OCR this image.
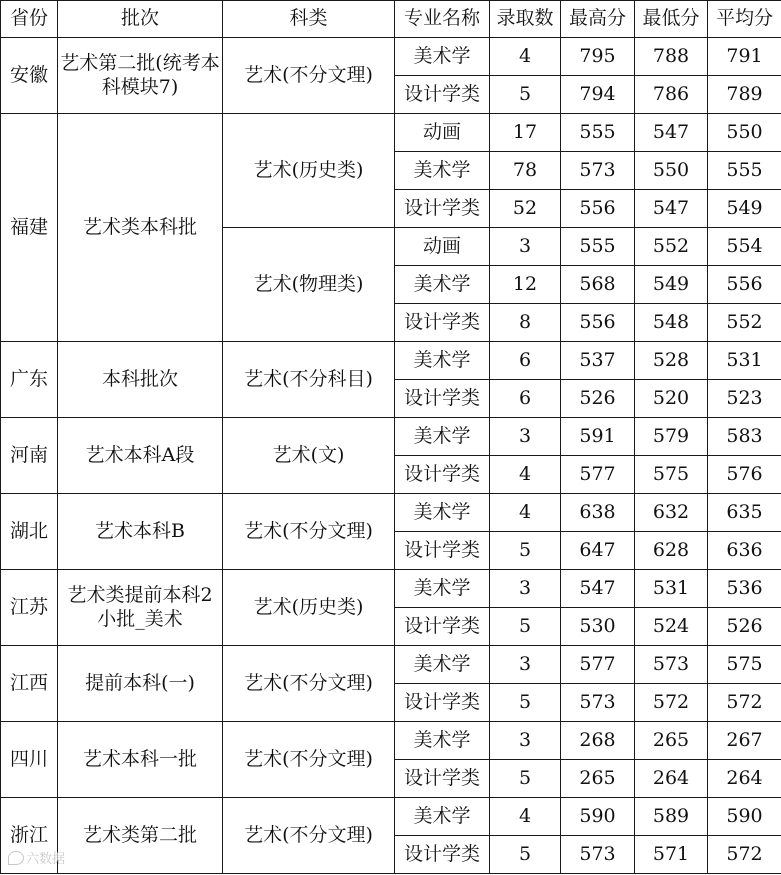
省份	批次	科类	专业名称	录取数	最高分	最低分	平均分
安徽	艺术第二批(统考本科模块7)	艺术(不分文理)	美术学	4	795	788	791
			设计学类	5	794	786	789
福建	艺术类本科批	艺术(历史类)	动画	17	555	547	550
			美术学	78	573	550	555
			设计学类	52	556	547	549
		艺术(物理类)	动画	3	555	552	554
			美术学	12	568	549	556
			设计学类	8	556	548	552
广东	本科批次	艺术(不分科目)	美术学	6	537	528	531
			设计学类	6	526	520	523
河南	艺术本科A段	艺术(文)	美术学	3	591	579	583
			设计学类	4	577	575	576
湖北	艺术本科B	艺术(不分文理)	美术学	4	638	632	635
			设计学类	5	647	628	636
江苏	艺术类提前本科2小批_美术	艺术(历史类)	美术学	3	547	531	536
			设计学类	5	530	524	526
江西	提前本科(一)	艺术(不分文理)	美术学	3	577	573	575
			设计学类	5	573	572	572
四川	艺术本科一批	艺术(不分文理)	美术学	3	268	265	267
			设计学类	5	265	264	264
浙江	艺术类第二批	艺术(不分文理)	美术学	4	590	589	590
			设计学类	5	573	571	572
六数据
